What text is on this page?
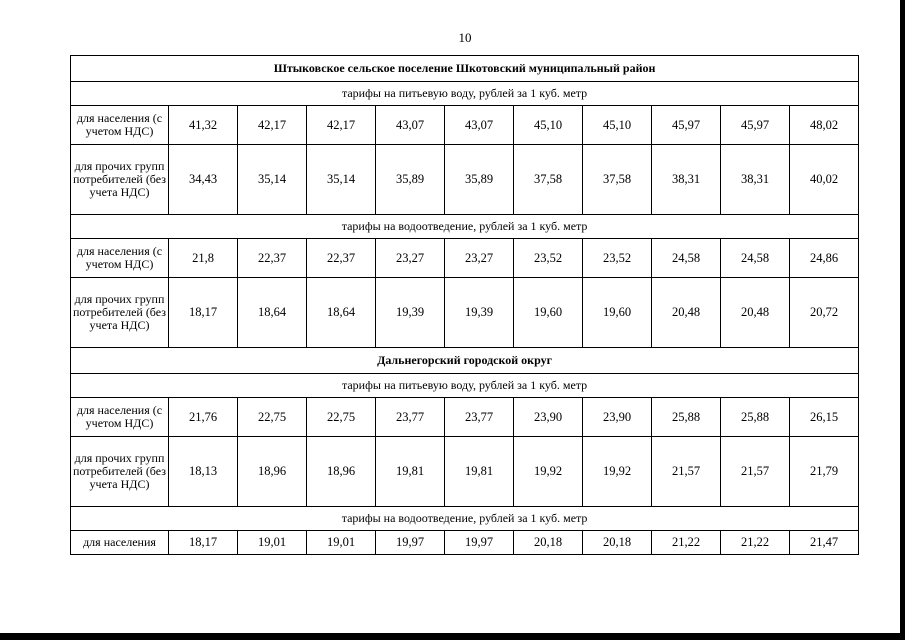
10
Штыковское сельское поселение Шкотовский муниципальный район										
тарифы на питьевую воду, рублей за 1 куб. метр										
для населения (с учетом НДС)	41,32	42,17	42,17	43,07	43,07	45,10	45,10	45,97	45,97	48,02
для прочих групп потребителей (без учета НДС)	34,43	35,14	35,14	35,89	35,89	37,58	37,58	38,31	38,31	40,02
тарифы на водоотведение, рублей за 1 куб. метр										
для населения (с учетом НДС)	21,8	22,37	22,37	23,27	23,27	23,52	23,52	24,58	24,58	24,86
для прочих групп потребителей (без учета НДС)	18,17	18,64	18,64	19,39	19,39	19,60	19,60	20,48	20,48	20,72
Дальнегорский городской округ										
тарифы на питьевую воду, рублей за 1 куб. метр										
для населения (с учетом НДС)	21,76	22,75	22,75	23,77	23,77	23,90	23,90	25,88	25,88	26,15
для прочих групп потребителей (без учета НДС)	18,13	18,96	18,96	19,81	19,81	19,92	19,92	21,57	21,57	21,79
тарифы на водоотведение, рублей за 1 куб. метр										
для населения	18,17	19,01	19,01	19,97	19,97	20,18	20,18	21,22	21,22	21,47
